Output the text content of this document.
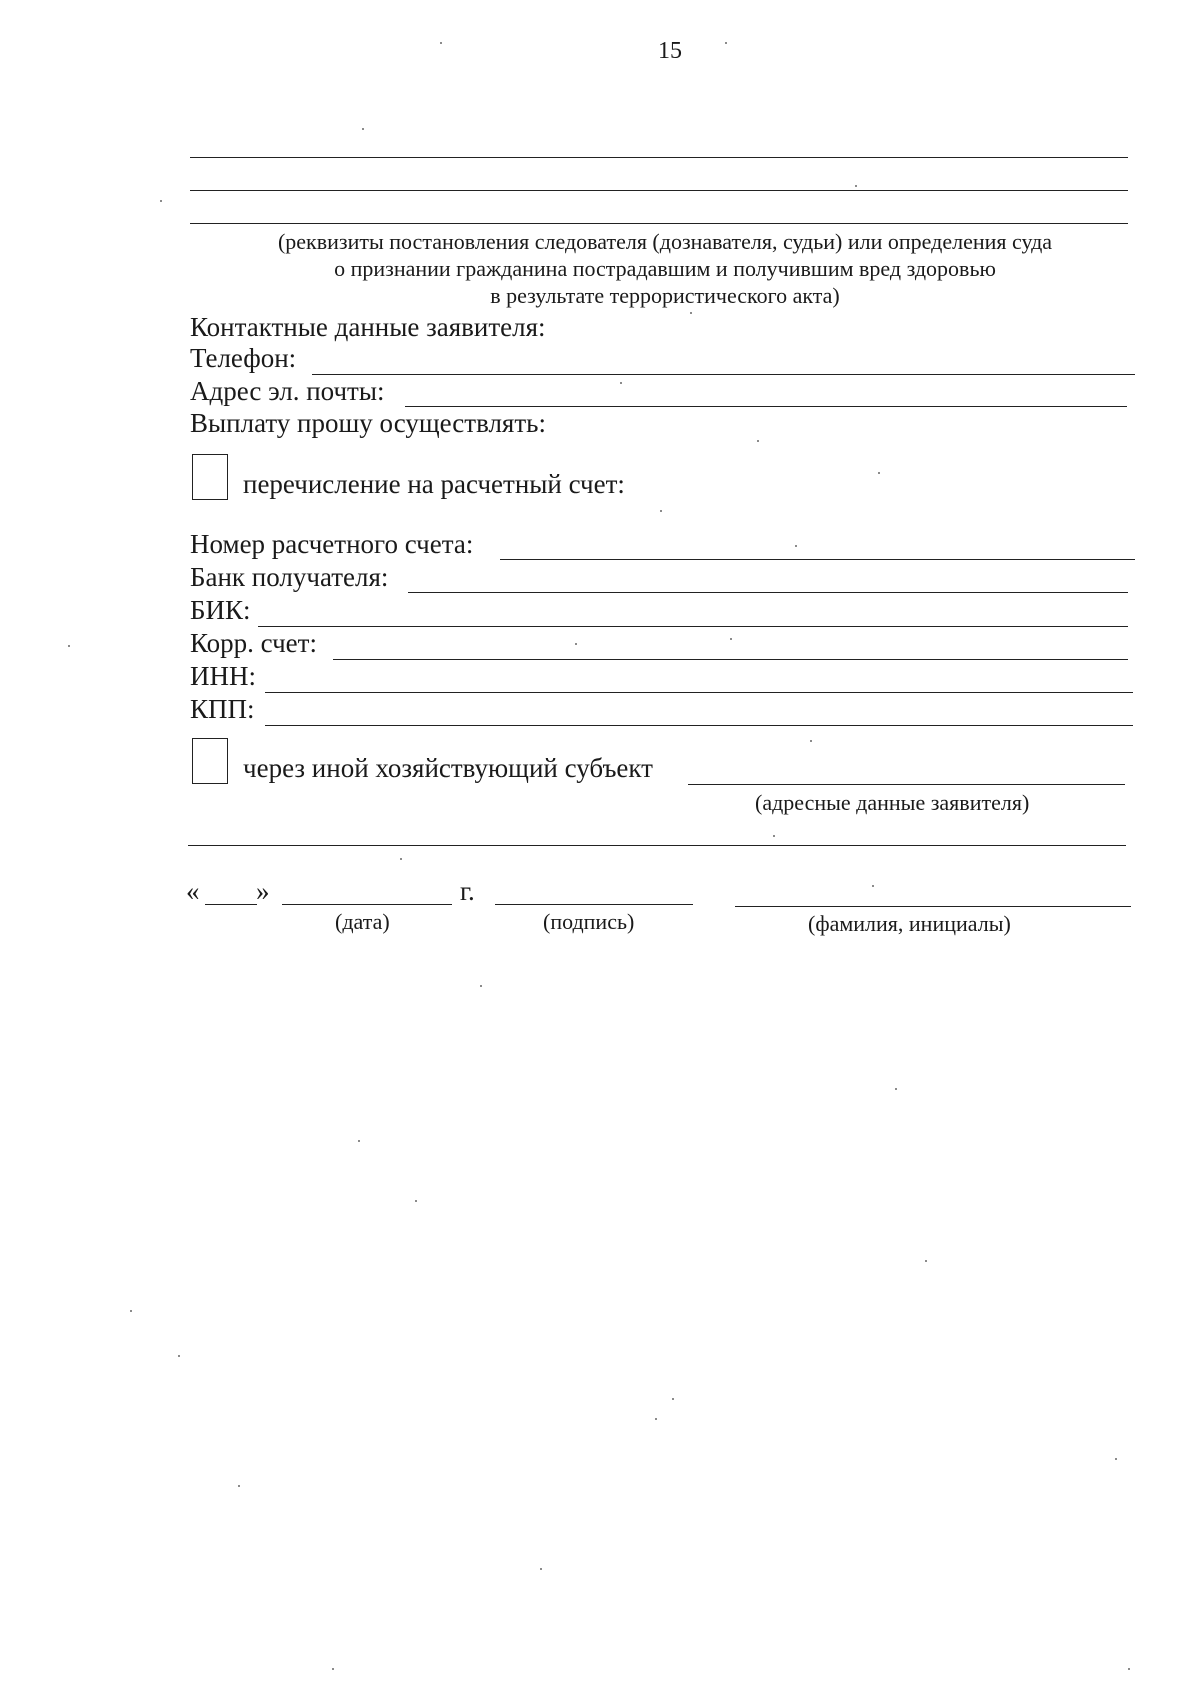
15
(реквизиты постановления следователя (дознавателя, судьи) или определения суда
о признании гражданина пострадавшим и получившим вред здоровью
в результате террористического акта)
Контактные данные заявителя:
Телефон:
Адрес эл. почты:
Выплату прошу осуществлять:
перечисление на расчетный счет:
Номер расчетного счета:
Банк получателя:
БИК:
Корр. счет:
ИНН:
КПП:
через иной хозяйствующий субъект
(адресные данные заявителя)
« »	г.
(дата)	(подпись)	(фамилия, инициалы)
